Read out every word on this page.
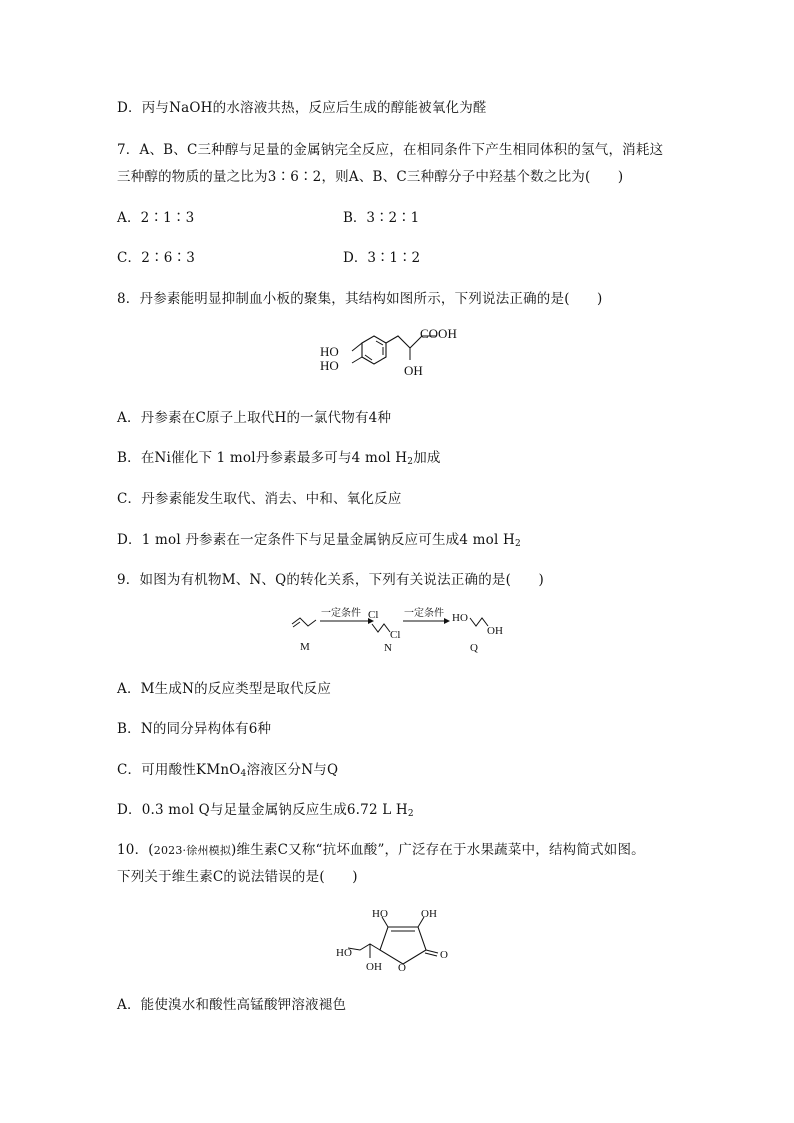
D．丙与NaOH的水溶液共热，反应后生成的醇能被氧化为醛
7．A、B、C三种醇与足量的金属钠完全反应，在相同条件下产生相同体积的氢气，消耗这
三种醇的物质的量之比为3∶6∶2，则A、B、C三种醇分子中羟基个数之比为(　　)
A．2∶1∶3	B．3∶2∶1
C．2∶6∶3	D．3∶1∶2
8．丹参素能明显抑制血小板的聚集，其结构如图所示，下列说法正确的是(　　)
HO
HO
COOH
OH
A．丹参素在C原子上取代H的一氯代物有4种
B．在Ni催化下 1 mol丹参素最多可与4 mol $H_2$加成
C．丹参素能发生取代、消去、中和、氧化反应
D．1 mol 丹参素在一定条件下与足量金属钠反应可生成4 mol $H_2$
9．如图为有机物M、N、Q的转化关系，下列有关说法正确的是(　　)
M
一定条件 Cl
Cl
N
一定条件 HO
OH
Q
A．M生成N的反应类型是取代反应
B．N的同分异构体有6种
C．可用酸性KMnO$_4$溶液区分N与Q
D．0.3 mol Q与足量金属钠反应生成6.72 L $H_2$
10．(2023·徐州模拟)维生素C又称“抗坏血酸”，广泛存在于水果蔬菜中，结构简式如图。
下列关于维生素C的说法错误的是(　　)
HO	OH
O
O
HO
OH
A．能使溴水和酸性高锰酸钾溶液褪色
